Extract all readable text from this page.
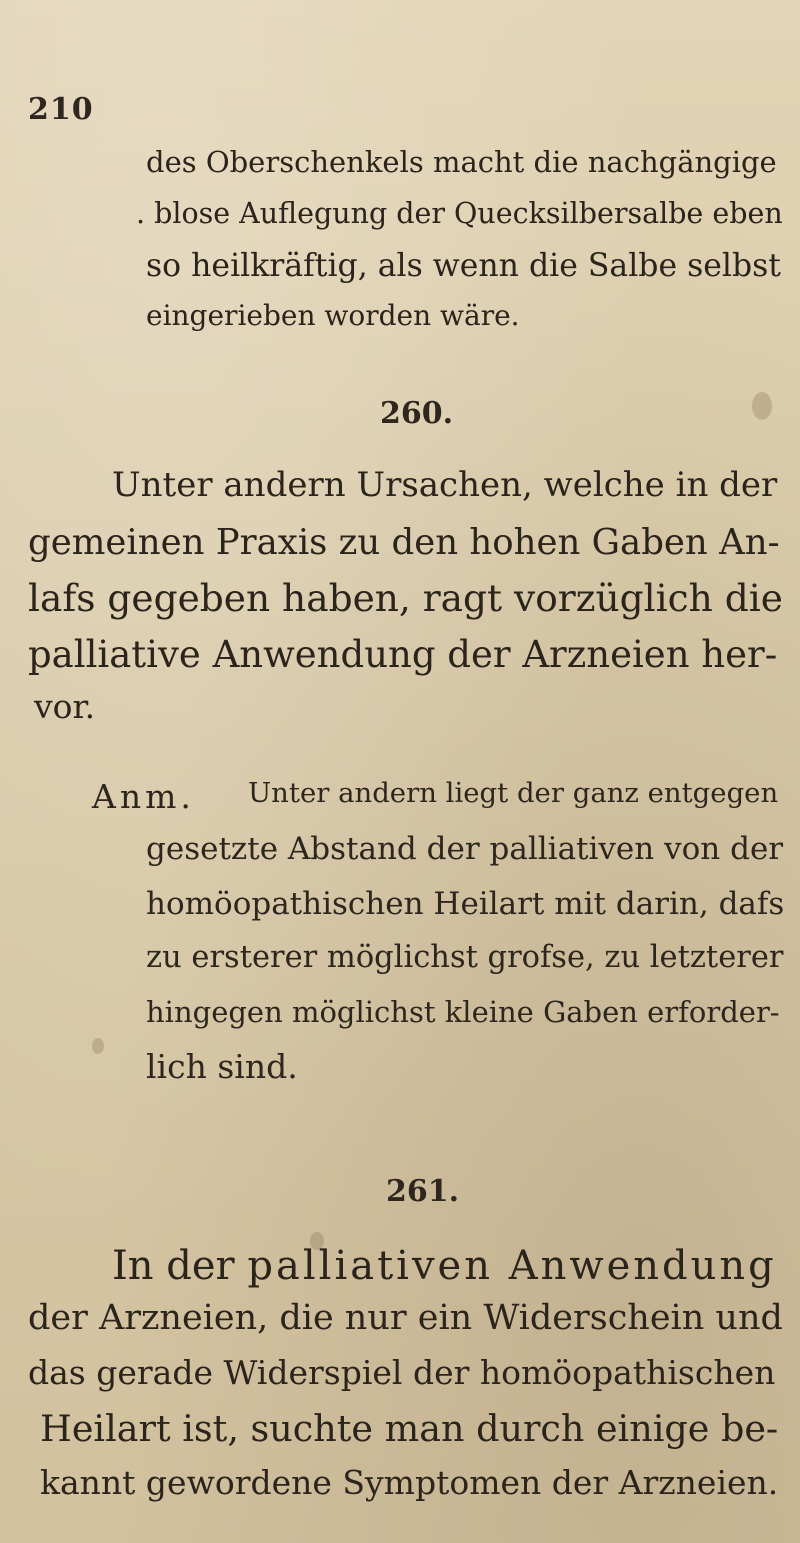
210
des Oberschenkels macht die nachgängige
. blose Auflegung der Quecksilbersalbe eben
so heilkräftig, als wenn die Salbe selbst
eingerieben worden wäre.
260.
Unter andern Ursachen, welche in der
gemeinen Praxis zu den hohen Gaben An-
lafs gegeben haben, ragt vorzüglich die
palliative Anwendung der Arzneien her-
vor.
Anm. Unter andern liegt der ganz entgegen
gesetzte Abstand der palliativen von der
homöopathischen Heilart mit darin, dafs
zu ersterer möglichst grofse, zu letzterer
hingegen möglichst kleine Gaben erforder-
lich sind.
261.
In der palliativen Anwendung
der Arzneien, die nur ein Widerschein und
das gerade Widerspiel der homöopathischen
Heilart ist, suchte man durch einige be-
kannt gewordene Symptomen der Arzneien.
